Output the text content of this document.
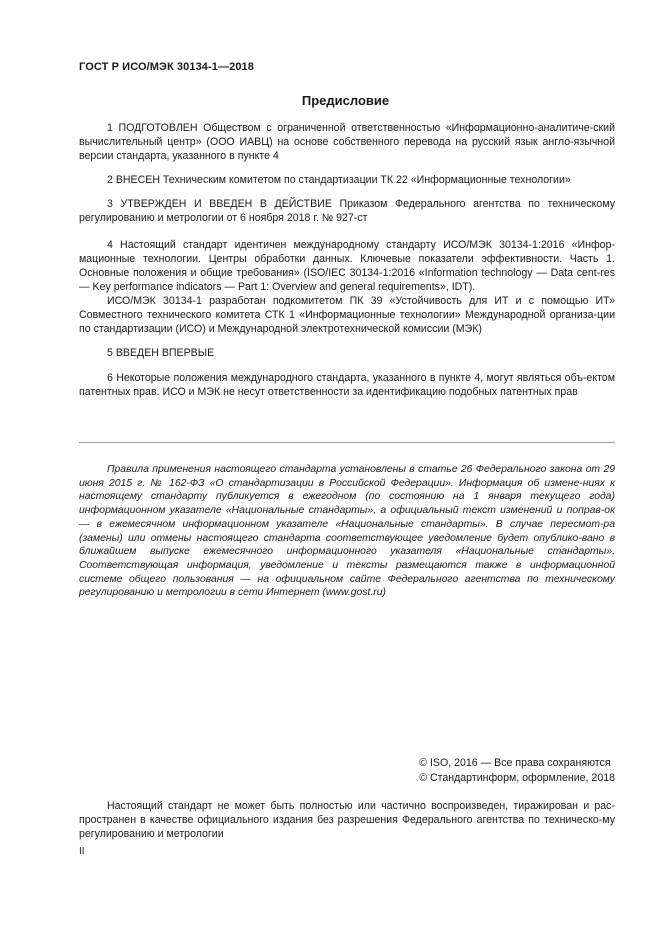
ГОСТ Р ИСО/МЭК 30134-1—2018
Предисловие

1 ПОДГОТОВЛЕН Обществом с ограниченной ответственностью «Информационно-аналитиче-ский вычислительный центр» (ООО ИАВЦ) на основе собственного перевода на русский язык англо-язычной версии стандарта, указанного в пункте 4

2 ВНЕСЕН Техническим комитетом по стандартизации ТК 22 «Информационные технологии»

3 УТВЕРЖДЕН И ВВЕДЕН В ДЕЙСТВИЕ Приказом Федерального агентства по техническому регулированию и метрологии от 6 ноября 2018 г. № 927-ст

4 Настоящий стандарт идентичен международному стандарту ИСО/МЭК 30134-1:2016 «Инфор-мационные технологии. Центры обработки данных. Ключевые показатели эффективности. Часть 1. Основные положения и общие требования» (ISO/IEC 30134-1:2016 «Information technology — Data cent-res — Key performance indicators — Part 1: Overview and general requirements», IDT).

ИСО/МЭК 30134-1 разработан подкомитетом ПК 39 «Устойчивость для ИТ и с помощью ИТ» Совместного технического комитета СТК 1 «Информационные технологии» Международной организа-ции по стандартизации (ИСО) и Международной электротехнической комиссии (МЭК)

5 ВВЕДЕН ВПЕРВЫЕ

6 Некоторые положения международного стандарта, указанного в пункте 4, могут являться объ-ектом патентных прав. ИСО и МЭК не несут ответственности за идентификацию подобных патентных прав

Правила применения настоящего стандарта установлены в статье 26 Федерального закона от 29 июня 2015 г. № 162-ФЗ «О стандартизации в Российской Федерации». Информация об измене-ниях к настоящему стандарту публикуется в ежегодном (по состоянию на 1 января текущего года) информационном указателе «Национальные стандарты», а официальный текст изменений и поправ-ок — в ежемесячном информационном указателе «Национальные стандарты». В случае пересмот-ра (замены) или отмены настоящего стандарта соответствующее уведомление будет опублико-вано в ближайшем выпуске ежемесячного информационного указателя «Национальные стандарты». Соответствующая информация, уведомление и тексты размещаются также в информационной системе общего пользования — на официальном сайте Федерального агентства по техническому регулированию и метрологии в сети Интернет (www.gost.ru)

© ISO, 2016 — Все права сохраняются
© Стандартинформ, оформление, 2018

Настоящий стандарт не может быть полностью или частично воспроизведен, тиражирован и рас-пространен в качестве официального издания без разрешения Федерального агентства по техническо-му регулированию и метрологии

II
